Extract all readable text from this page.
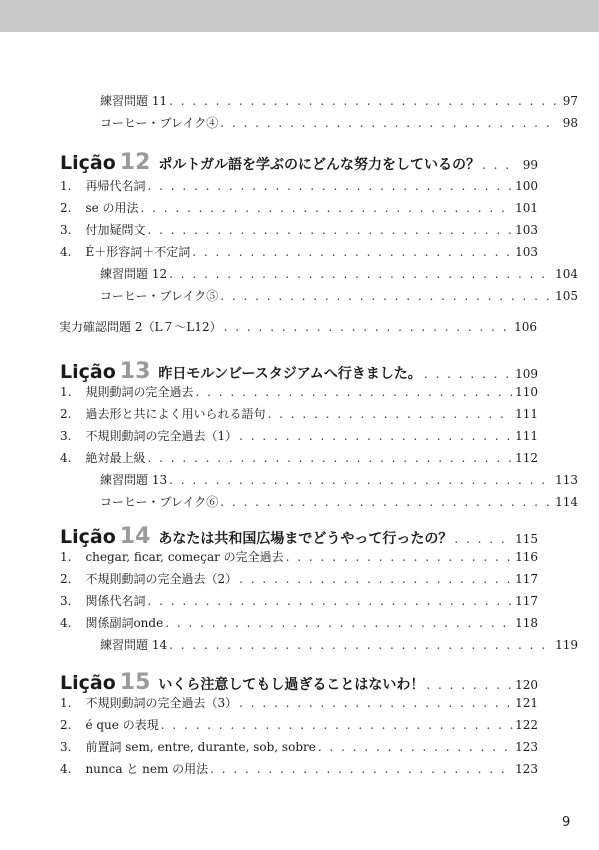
練習問題 11 . . .	97
コーヒー・ブレイク④ . . .	98
Lição 12 ポルトガル語を学ぶのにどんな努力をしているの？ . . .	99
1. 再帰代名詞 . . .	100
2. se の用法 . . .	101
3. 付加疑問文 . . .	103
4. É＋形容詞＋不定詞 . . .	103
練習問題 12 . . .	104
コーヒー・ブレイク⑤ . . .	105
実力確認問題 2（L７～L12） . . .	106
Lição 13 昨日モルンビースタジアムへ行きました。 . . .	109
1. 規則動詞の完全過去 . . .	110
2. 過去形と共によく用いられる語句 . . .	111
3. 不規則動詞の完全過去（1） . . .	111
4. 絶対最上級 . . .	112
練習問題 13 . . .	113
コーヒー・ブレイク⑥ . . .	114
Lição 14 あなたは共和国広場までどうやって行ったの？ . . .	115
1. chegar, ficar, começar の完全過去 . . .	116
2. 不規則動詞の完全過去（2） . . .	117
3. 関係代名詞 . . .	117
4. 関係副詞onde . . .	118
練習問題 14 . . .	119
Lição 15 いくら注意してもし過ぎることはないわ！ . . .	120
1. 不規則動詞の完全過去（3） . . .	121
2. é que の表現 . . .	122
3. 前置詞 sem, entre, durante, sob, sobre . . .	123
4. nunca と nem の用法 . . .	123
9
